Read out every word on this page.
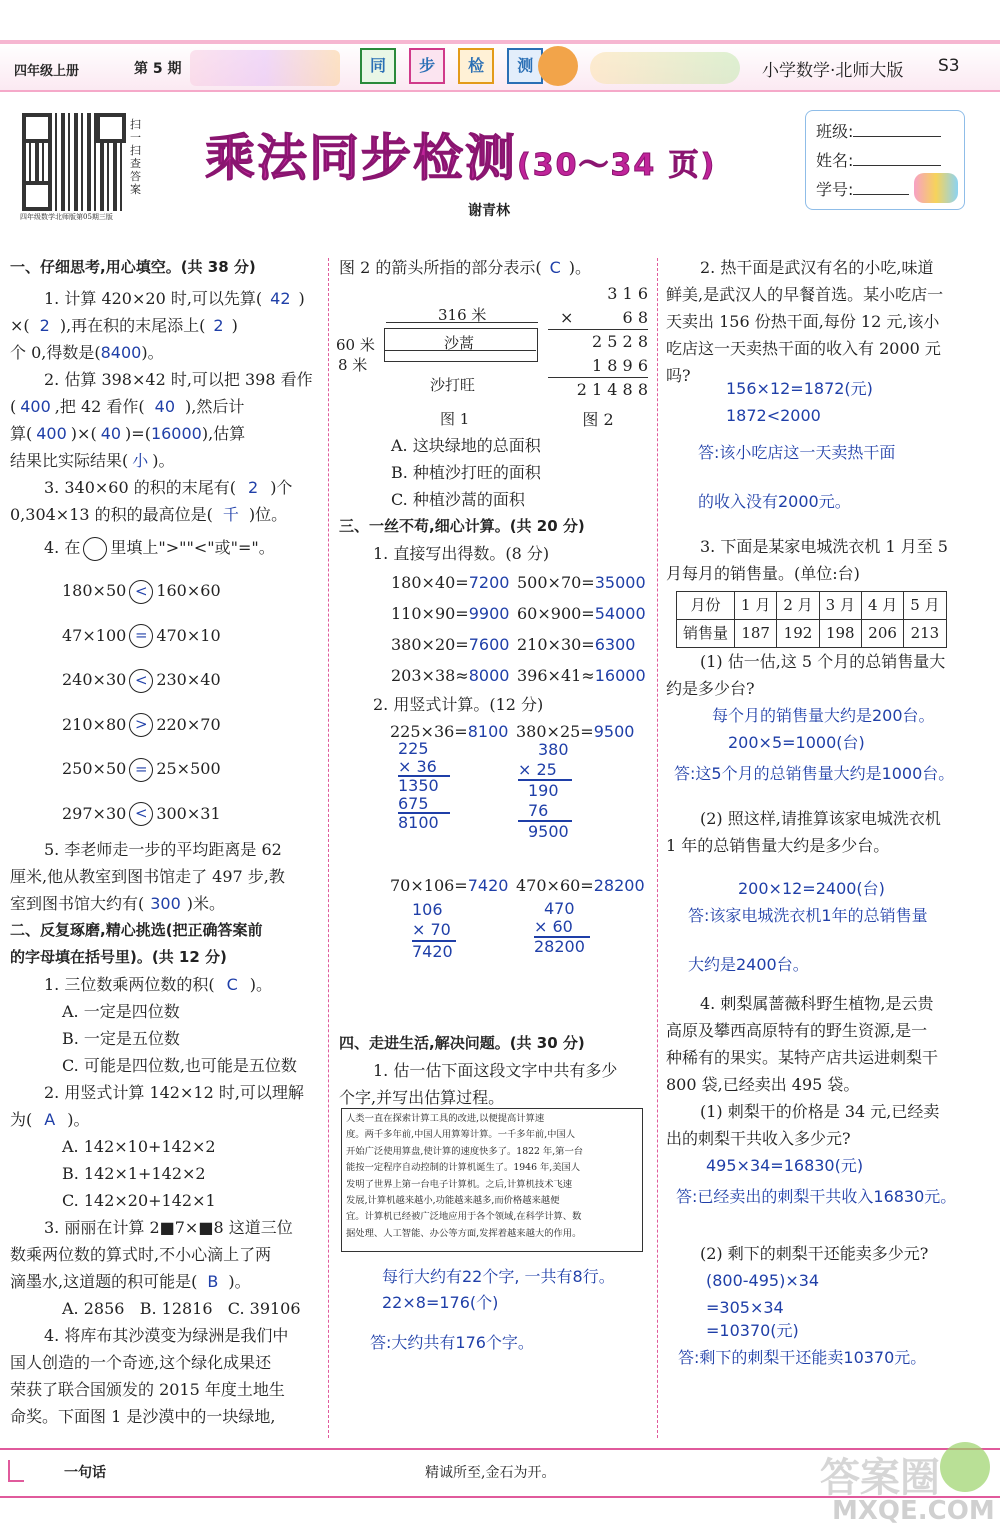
四年级上册	第 5 期	同 步 检 测	小学数学·北师大版 S3
扫一扫 查答案
四年级数学北师版第05期三版
乘法同步检测(30～34 页)
谢青林
班级:
姓名:
学号:
一、仔细思考,用心填空。(共 38 分)
1. 计算 420×20 时,可以先算( 42 )
×( 2 ),再在积的末尾添上( 2 )
个 0,得数是(8400)。
2. 估算 398×42 时,可以把 398 看作
( 400 ,把 42 看作( 40 ),然后计
算( 400 )×( 40 )=(16000),估算
结果比实际结果( 小 )。
3. 340×60 的积的末尾有( 2 )个
0,304×13 的积的最高位是( 千 )位。
4. 在 里填上">""<"或"="。
180×50 < 160×60
47×100 = 470×10
240×30 < 230×40
210×80 > 220×70
250×50 = 25×500
297×30 < 300×31
5. 李老师走一步的平均距离是 62
厘米,他从教室到图书馆走了 497 步,教
室到图书馆大约有( 300 )米。
二、反复琢磨,精心挑选(把正确答案前
的字母填在括号里)。(共 12 分)
1. 三位数乘两位数的积( C )。
A. 一定是四位数
B. 一定是五位数
C. 可能是四位数,也可能是五位数
2. 用竖式计算 142×12 时,可以理解
为( A )。
A. 142×10+142×2
B. 142×1+142×2
C. 142×20+142×1
3. 丽丽在计算 2■7×■8 这道三位
数乘两位数的算式时,不小心滴上了两
滴墨水,这道题的积可能是( B )。
A. 2856   B. 12816   C. 39106
4. 将库布其沙漠变为绿洲是我们中
国人创造的一个奇迹,这个绿化成果还
荣获了联合国颁发的 2015 年度土地生
命奖。下面图 1 是沙漠中的一块绿地,
图 2 的箭头所指的部分表示( C )。
316 米
沙蒿
60 米
8 米
沙打旺
图 1
3 1 6
×	6 8
2 5 2 8
1 8 9 6
2 1 4 8 8
图 2
A. 这块绿地的总面积
B. 种植沙打旺的面积
C. 种植沙蒿的面积
三、一丝不苟,细心计算。(共 20 分)
1. 直接写出得数。(8 分)
180×40=7200 500×70=35000
110×90=9900 60×900=54000
380×20=7600 210×30=6300
203×38≈8000 396×41≈16000
2. 用竖式计算。(12 分)
225×36=8100
225
× 36
1350
675
8100
380×25=9500
380
× 25
190
76
9500
70×106=7420
106
× 70
7420
470×60=28200
470
× 60
28200
四、走进生活,解决问题。(共 30 分)
1. 估一估下面这段文字中共有多少
个字,并写出估算过程。
人类一直在探索计算工具的改进,以便提高计算速
度。两千多年前,中国人用算筹计算。一千多年前,中国人
开始广泛使用算盘,使计算的速度快多了。1822 年,第一台
能按一定程序自动控制的计算机诞生了。1946 年,美国人
发明了世界上第一台电子计算机。之后,计算机技术飞速
发展,计算机越来越小,功能越来越多,而价格越来越便
宜。计算机已经被广泛地应用于各个领域,在科学计算、数
据处理、人工智能、办公等方面,发挥着越来越大的作用。
每行大约有22个字, 一共有8行。
22×8=176(个)
答:大约共有176个字。
2. 热干面是武汉有名的小吃,味道
鲜美,是武汉人的早餐首选。某小吃店一
天卖出 156 份热干面,每份 12 元,该小
吃店这一天卖热干面的收入有 2000 元
吗?
156×12=1872(元)
1872<2000
答:该小吃店这一天卖热干面
的收入没有2000元。
3. 下面是某家电城洗衣机 1 月至 5
月每月的销售量。(单位:台)
月份	1 月	2 月	3 月	4 月	5 月
销售量	187	192	198	206	213
(1) 估一估,这 5 个月的总销售量大
约是多少台?
每个月的销售量大约是200台。
200×5=1000(台)
答:这5个月的总销售量大约是1000台。
(2) 照这样,请推算该家电城洗衣机
1 年的总销售量大约是多少台。
200×12=2400(台)
答:该家电城洗衣机1年的总销售量
大约是2400台。
4. 刺梨属蔷薇科野生植物,是云贵
高原及攀西高原特有的野生资源,是一
种稀有的果实。某特产店共运进刺梨干
800 袋,已经卖出 495 袋。
(1) 刺梨干的价格是 34 元,已经卖
出的刺梨干共收入多少元?
495×34=16830(元)
答:已经卖出的刺梨干共收入16830元。
(2) 剩下的刺梨干还能卖多少元?
(800-495)×34
=305×34
=10370(元)
答:剩下的刺梨干还能卖10370元。
一句话	精诚所至,金石为开。	答案圈
MXQE.COM
